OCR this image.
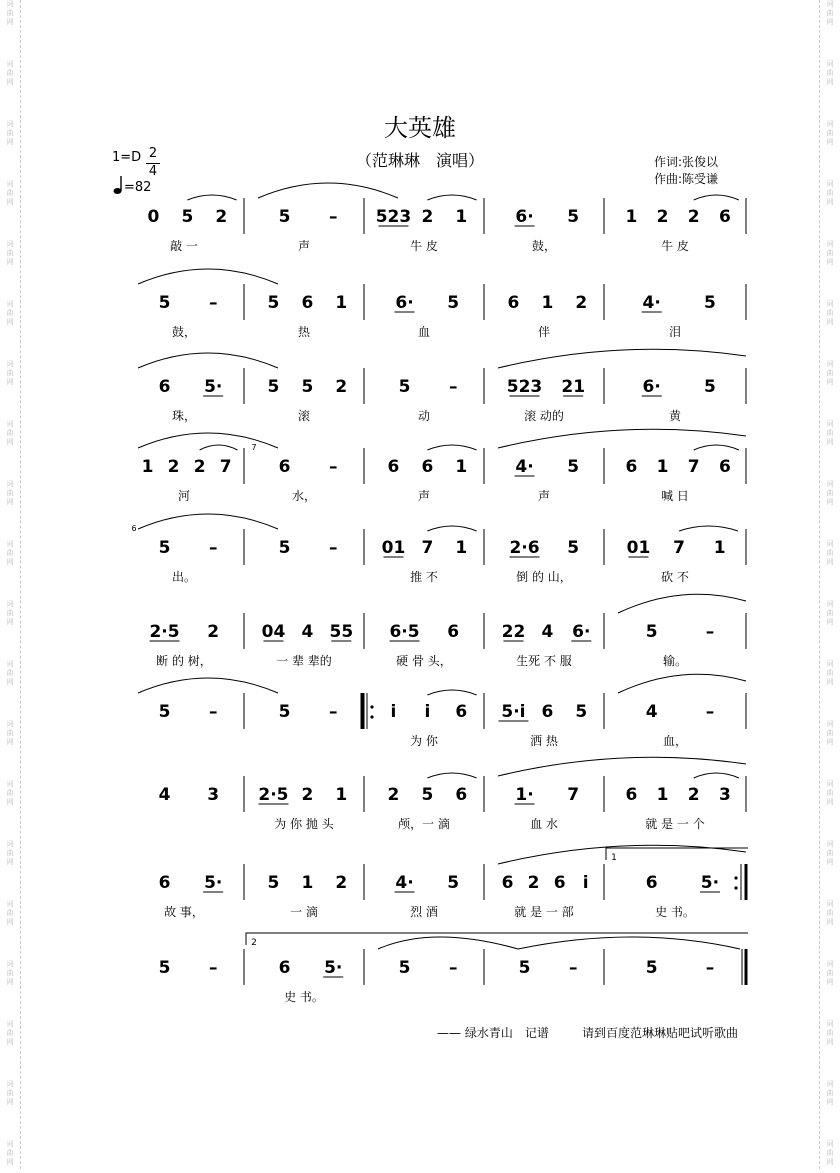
词
曲
网
词
曲
网
词
曲
网
词
曲
网
词
曲
网
词
曲
网
词
曲
网
词
曲
网
词
曲
网
词
曲
网
词
曲
网
词
曲
网
词
曲
网
词
曲
网
词
曲
网
词
曲
网
词
曲
网
词
曲
网
词
曲
网
词
曲
网
词
曲
网
词
曲
网
词
曲
网
词
曲
网
词
曲
网
词
曲
网
词
曲
网
词
曲
网
词
曲
网
词
曲
网
词
曲
网
词
曲
网
词
曲
网
词
曲
网
词
曲
网
词
曲
网
词
曲
网
词
曲
网
词
曲
网
词
曲
网
大英雄
（范琳琳　演唱）
1=D 2
4
=82
作词:张俊以
作曲:陈受谦
0 5 2
敲 一
5 –
声
523 2 1
牛 皮
6· 5
鼓，
1 2 2 6
牛 皮
5 –
鼓，
5 6 1
热
6· 5
血
6 1 2
伴
4·	5
泪
6 5·
珠，
5 5 2
滚
5 –
动
523 21
滚 动的
6·	5
黄
1 2 2 7
河
6 –
7
水，
6 6 1
声
4· 5
声
6 1 7 6
喊 日
5 –
6
出。
5 –	01 7 1
推 不
2·6 5
倒 的 山，
01 7 1
砍 不
2·5 2
断 的 树，
04 4 55
一 辈 辈的
6·5 6
硬 骨 头，
22 4 6·
生死 不 服
5	–
输。
5 –	5 –	i i 6
为 你
5·i 6 5
洒 热
4	–
血，
4 3 2·5 2 1
为 你 抛 头
2 5 6
颅，一 滴
1· 7
血 水
6 1 2 3
就 是 一 个
1
6 5·
故 事，
5 1 2
一 滴
4· 5
烈 酒
6 2 6 i
就 是 一 部
6	5·
史 书。
2
5 –	6 5·
史 书。
5 –	5 –	5	–
—— 绿水青山　记谱	请到百度范琳琳贴吧试听歌曲
